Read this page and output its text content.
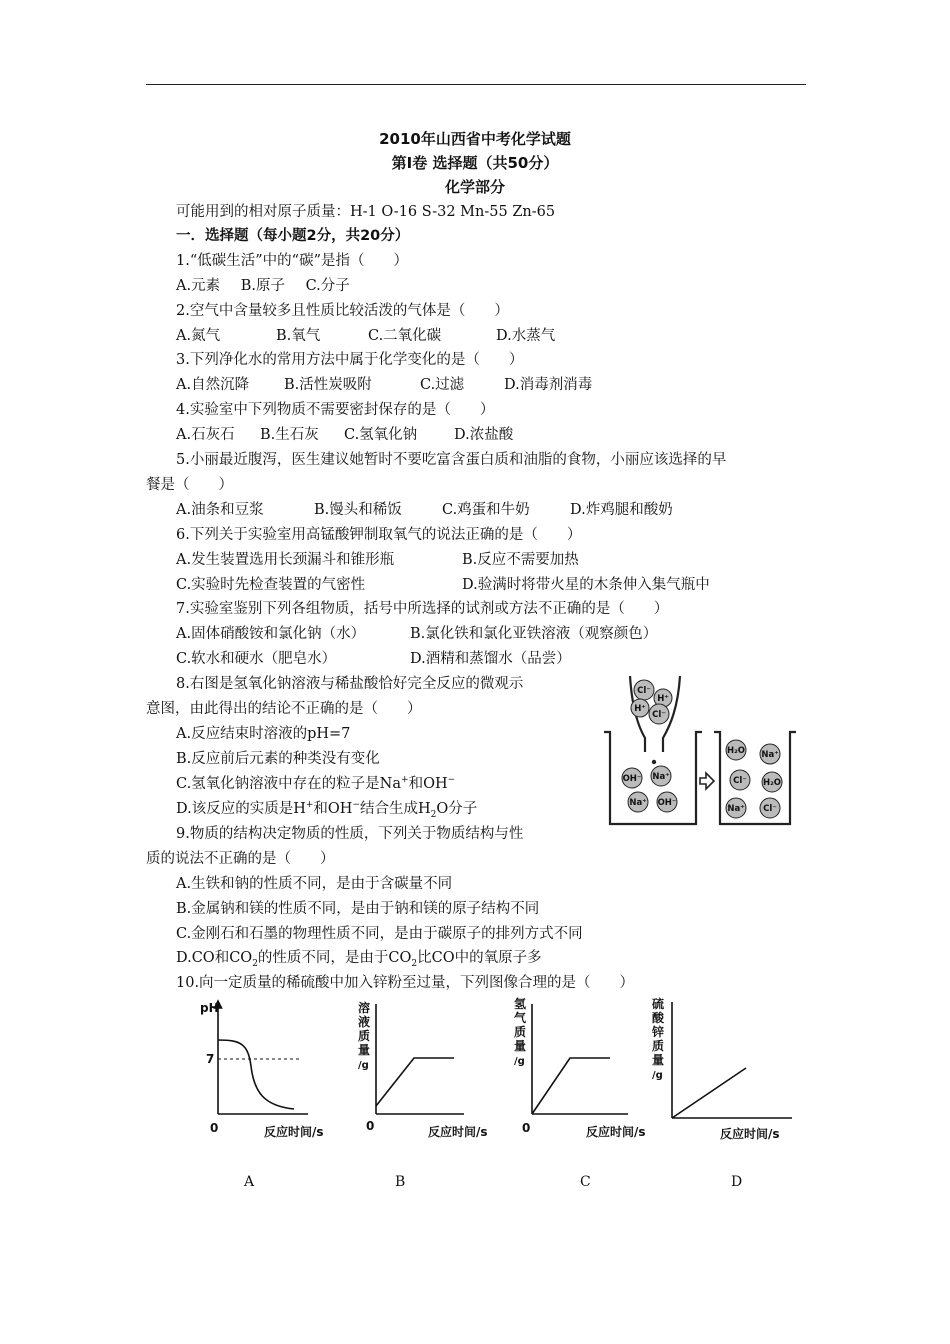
2010年山西省中考化学试题
第I卷 选择题（共50分）
化学部分
可能用到的相对原子质量：H-1 O-16 S-32 Mn-55 Zn-65
一．选择题（每小题2分，共20分）
1.“低碳生活”中的“碳”是指（　　）
A.元素 B.原子 C.分子
2.空气中含量较多且性质比较活泼的气体是（　　）
A.氮气	B.氧气	C.二氧化碳	D.水蒸气
3.下列净化水的常用方法中属于化学变化的是（　　）
A.自然沉降 B.活性炭吸附	C.过滤	D.消毒剂消毒
4.实验室中下列物质不需要密封保存的是（　　）
A.石灰石 B.生石灰 C.氢氧化钠	D.浓盐酸
5.小丽最近腹泻，医生建议她暂时不要吃富含蛋白质和油脂的食物，小丽应该选择的早
餐是（　　）
A.油条和豆浆	B.馒头和稀饭	C.鸡蛋和牛奶	D.炸鸡腿和酸奶
6.下列关于实验室用高锰酸钾制取氧气的说法正确的是（　　）
A.发生装置选用长颈漏斗和锥形瓶	B.反应不需要加热
C.实验时先检查装置的气密性	D.验满时将带火星的木条伸入集气瓶中
7.实验室鉴别下列各组物质，括号中所选择的试剂或方法不正确的是（　　）
A.固体硝酸铵和氯化钠（水）	B.氯化铁和氯化亚铁溶液（观察颜色）
C.软水和硬水（肥皂水）	D.酒精和蒸馏水（品尝）
8.右图是氢氧化钠溶液与稀盐酸恰好完全反应的微观示
意图，由此得出的结论不正确的是（　　）
A.反应结束时溶液的pH=7
B.反应前后元素的种类没有变化
C.氢氧化钠溶液中存在的粒子是Na+和OH−
D.该反应的实质是H+和OH−结合生成$H_2O$分子
Cl⁻
H⁺
H⁺
Cl⁻
OH⁻ Na⁺
Na⁺ OH⁻
H₂O Na⁺
Cl⁻ H₂O
Na⁺ Cl⁻
9.物质的结构决定物质的性质，下列关于物质结构与性
质的说法不正确的是（　　）
A.生铁和钠的性质不同，是由于含碳量不同
B.金属钠和镁的性质不同，是由于钠和镁的原子结构不同
C.金刚石和石墨的物理性质不同，是由于碳原子的排列方式不同
D.CO和$CO_2$的性质不同，是由于$CO_2$比CO中的氧原子多
10.向一定质量的稀硫酸中加入锌粉至过量，下列图像合理的是（　　）
pH
7
0	反应时间/s
溶
液
质
量
/g
0	反应时间/s
氢
气
质
量
/g
0	反应时间/s
硫
酸
锌
质
量
/g
反应时间/s
A	B	C	D
